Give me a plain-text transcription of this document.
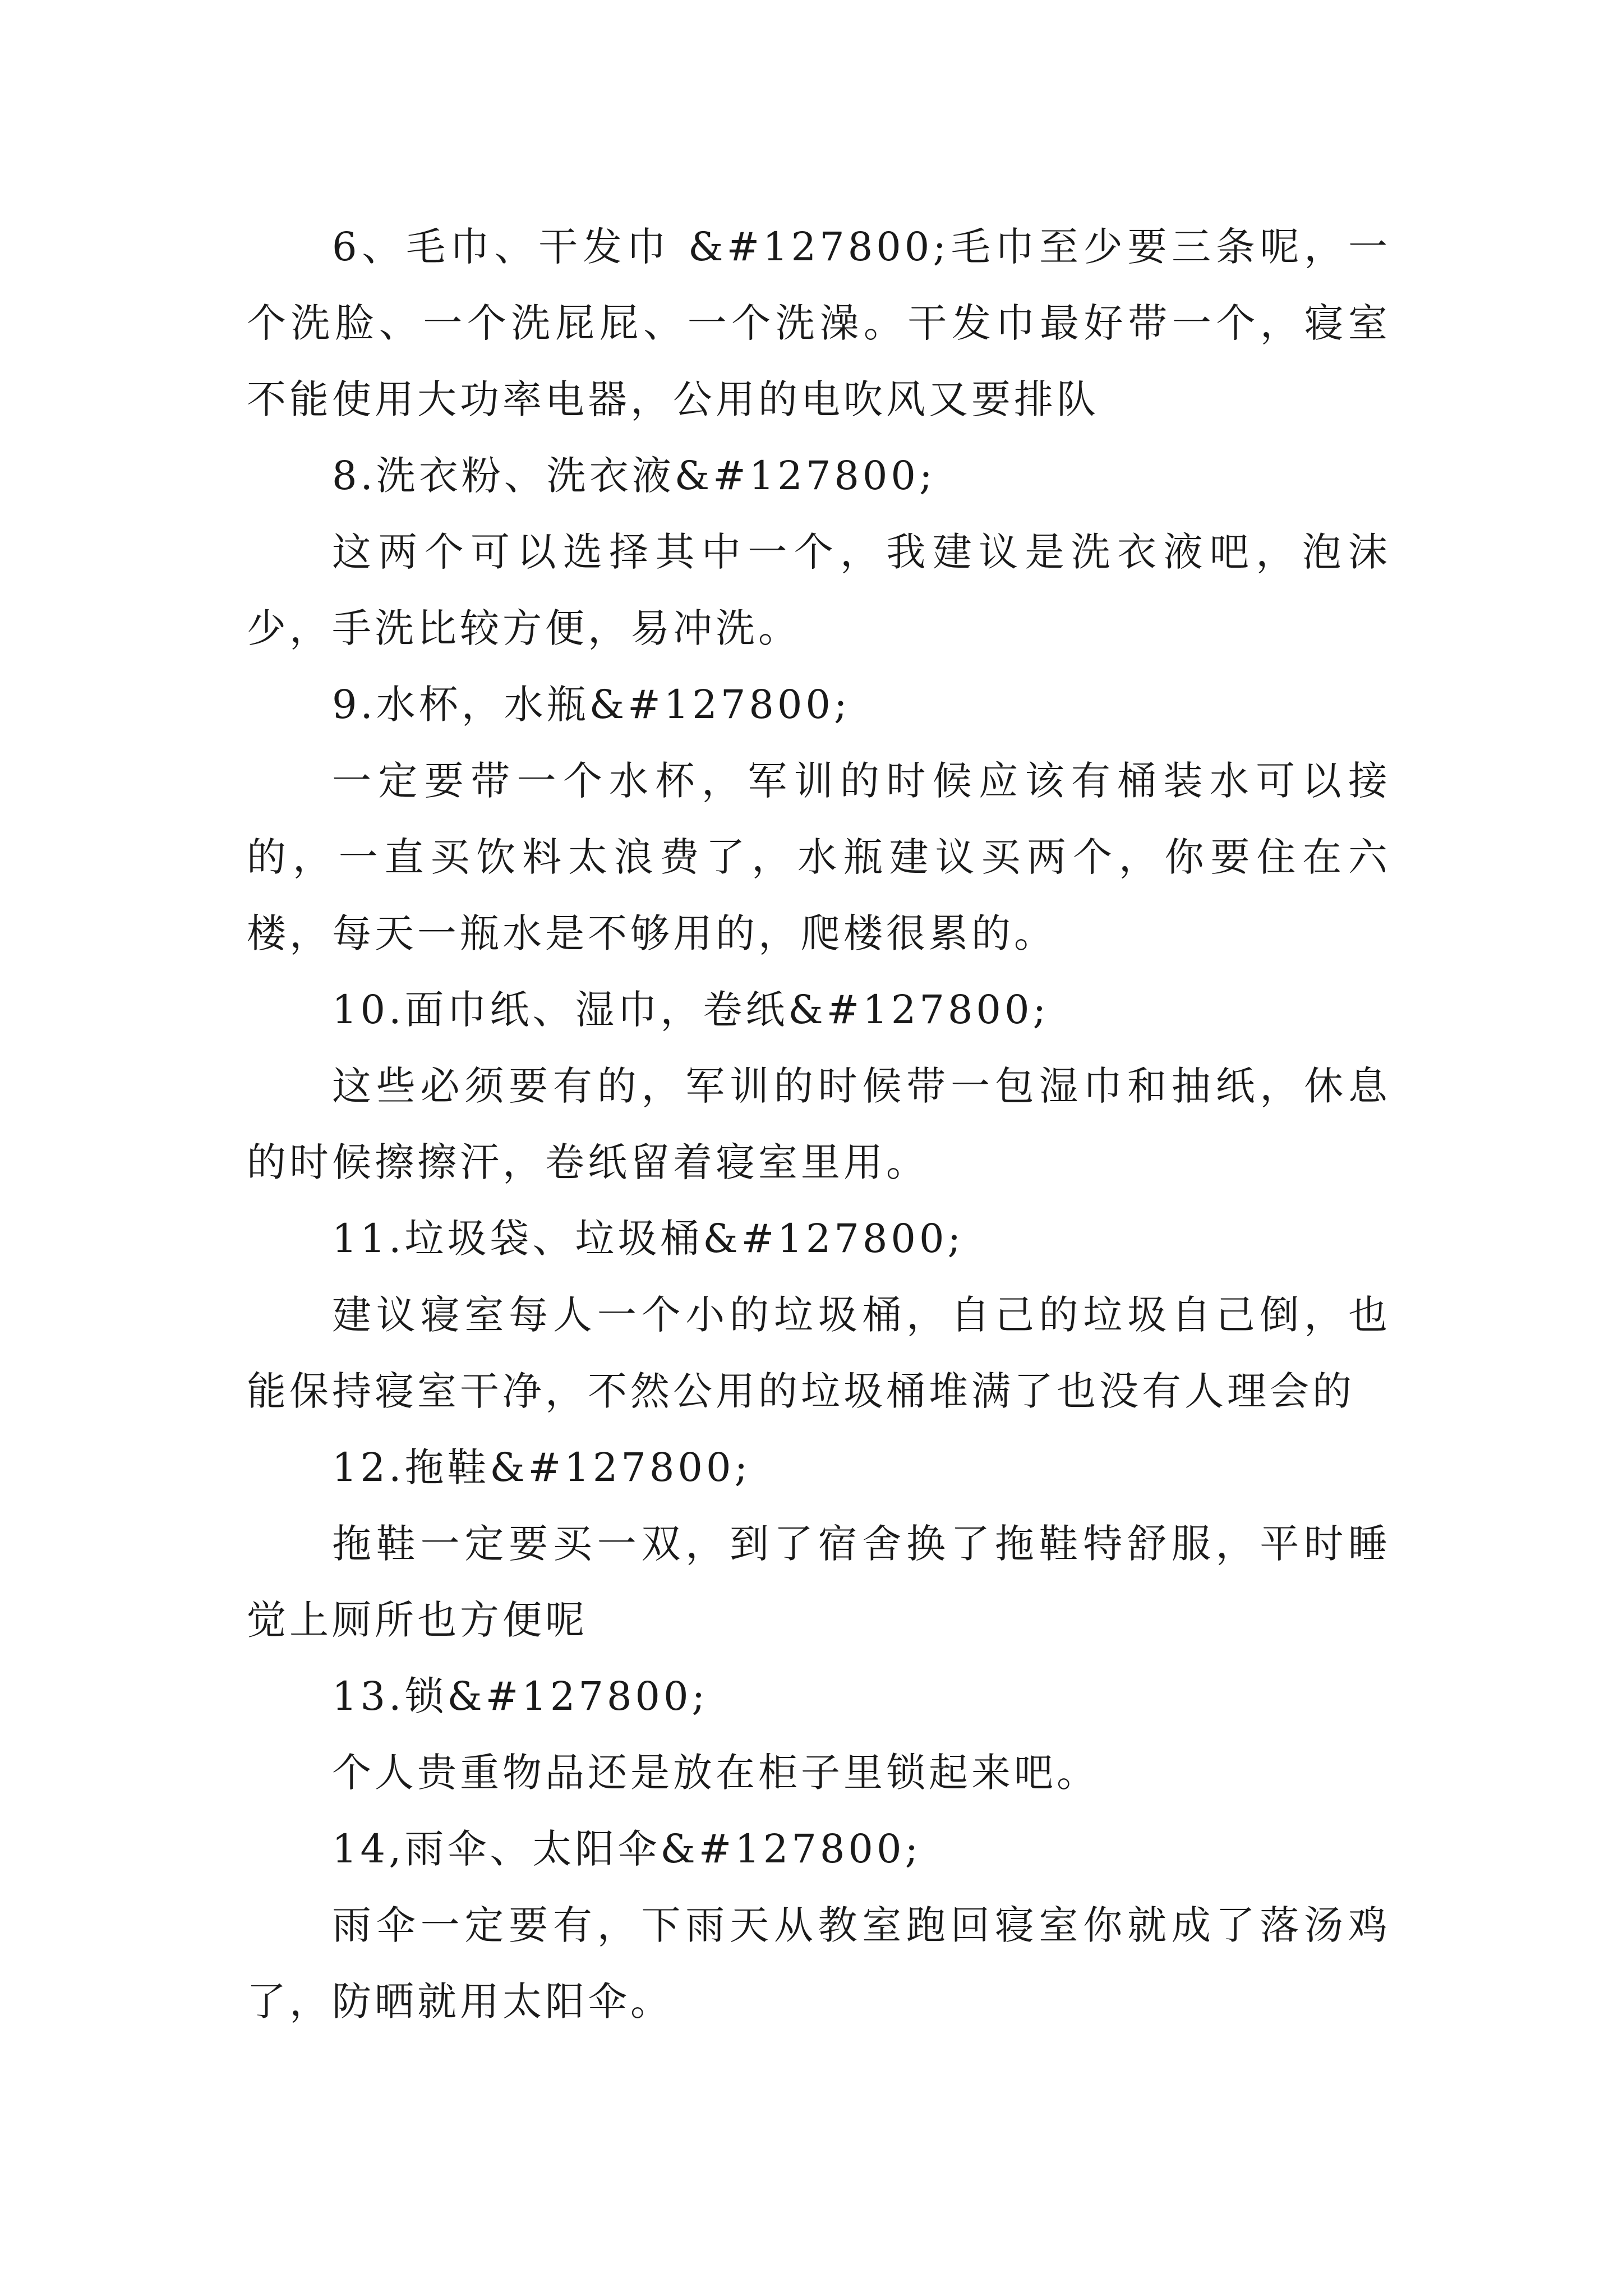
6、毛巾、干发巾 &#127800;毛巾至少要三条呢，一个洗脸、一个洗屁屁、一个洗澡。干发巾最好带一个，寝室不能使用大功率电器，公用的电吹风又要排队

8.洗衣粉、洗衣液&#127800;

这两个可以选择其中一个，我建议是洗衣液吧，泡沫少，手洗比较方便，易冲洗。

9.水杯，水瓶&#127800;

一定要带一个水杯，军训的时候应该有桶装水可以接的，一直买饮料太浪费了，水瓶建议买两个，你要住在六楼，每天一瓶水是不够用的，爬楼很累的。

10.面巾纸、湿巾，卷纸&#127800;

这些必须要有的，军训的时候带一包湿巾和抽纸，休息的时候擦擦汗，卷纸留着寝室里用。

11.垃圾袋、垃圾桶&#127800;

建议寝室每人一个小的垃圾桶，自己的垃圾自己倒，也能保持寝室干净，不然公用的垃圾桶堆满了也没有人理会的

12.拖鞋&#127800;

拖鞋一定要买一双，到了宿舍换了拖鞋特舒服，平时睡觉上厕所也方便呢

13.锁&#127800;

个人贵重物品还是放在柜子里锁起来吧。

14,雨伞、太阳伞&#127800;

雨伞一定要有，下雨天从教室跑回寝室你就成了落汤鸡了，防晒就用太阳伞。
